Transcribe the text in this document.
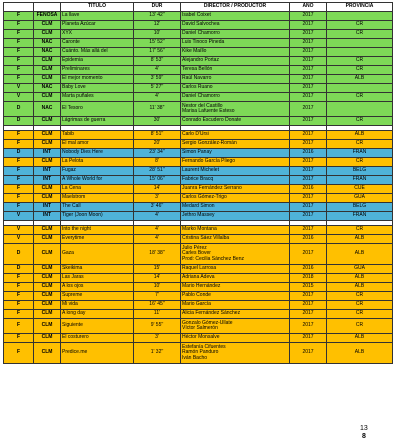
		TÍTULO	DUR	DIRECTOR / PRODUCTOR	AÑO	PROVINCIA
F	FENOSA	La llave	13' 42''	Isabel Coixet	2017	
F	CLM	Planeta Azúcar	12'	David Salvochea	2017	CR
F	CLM	XYX	10'	Daniel Chamorro	2017	CR
F	NAC	Caronte	15' 52''	Luis Tinoco Pineda	2017	
F	NAC	Cuánto. Más allá del	17' 56''	Kike Maíllo	2017	
F	CLM	Epidemia	8' 53''	Alejandro Portaz	2017	CR
F	CLM	Preliminares	4'	Teresa Bellón	2017	CR
F	CLM	El mejor momento	3' 59''	Raúl Navarro	2017	ALB
V	NAC	Baby Love	5' 27''	Carlos Ruano	2017	
V	CLM	Marta puñales	4'	Daniel Chamorro	2017	CR
D	NAC	El Tesoro	11' 38''	Nestor del Castillo
Marisa Lafuente Esteso	2017	
D	CLM	Lágrimas de guerra	30'	Conrado Escudero Donate	2017	CR

F	CLM	Tabib	8' 51''	Carlo D'Ursi	2017	ALB
F	CLM	El mal amor	20'	Sergio González-Román	2017	CR
D	INT	Nobody Dies Here	23' 34''	Simon Panay	2016	FRAN
F	CLM	La Pelota	8'	Fernando García Pliego	2017	CR
F	INT	Fugaz	28' 51''	Laurent Michelet	2017	BELG
F	INT	A Whole World for	15' 06''	Fabrice Bracq	2017	FRAN
F	CLM	La Cena	14'	Juanra Fernández Serrano	2016	CUE
F	CLM	Maelstrom	3'	Carlos Gómez-Trigo	2017	GUA
F	INT	The Call	3' 46''	Medard Simon	2017	BELG
V	INT	Tiger (Joon Moon)	4'	Jethro Massey	2017	FRAN

V	CLM	Into the night	4'	Marko Montana	2017	CR
V	CLM	Everytime	4'	Cristina Sáez Villalba	2016	ALB
D	CLM	Gaza	18' 38''	Julio Pérez
Carles Bover
Prod: Cecilia Sánchez Benz	2017	ALB
D	CLM	Skeikima	15'	Raquel Larrosa	2016	GUA
F	CLM	Las Jaras	14'	Adriana Adeva	2018	ALB
F	CLM	A los ojos	10'	Mario Hernández	2015	ALB
F	CLM	Supreme	7'	Pablo Conde	2017	CR
F	CLM	Mi vida	16' 45''	Mario García	2017	CR
F	CLM	A long day	11'	Alicia Fernández Sánchez	2017	CR
F	CLM	Siguiente	9' 55''	Gonzalo Gómez-Ullate
Víctor Salmerón	2017	CR
F	CLM	El costurero	3'	Héctor Monsalve	2017	ALB
F	CLM	Predice.me	1' 32''	Estefanía Cifuentes
Ramón Panduro
Iván Bacho	2017	ALB
13
8
